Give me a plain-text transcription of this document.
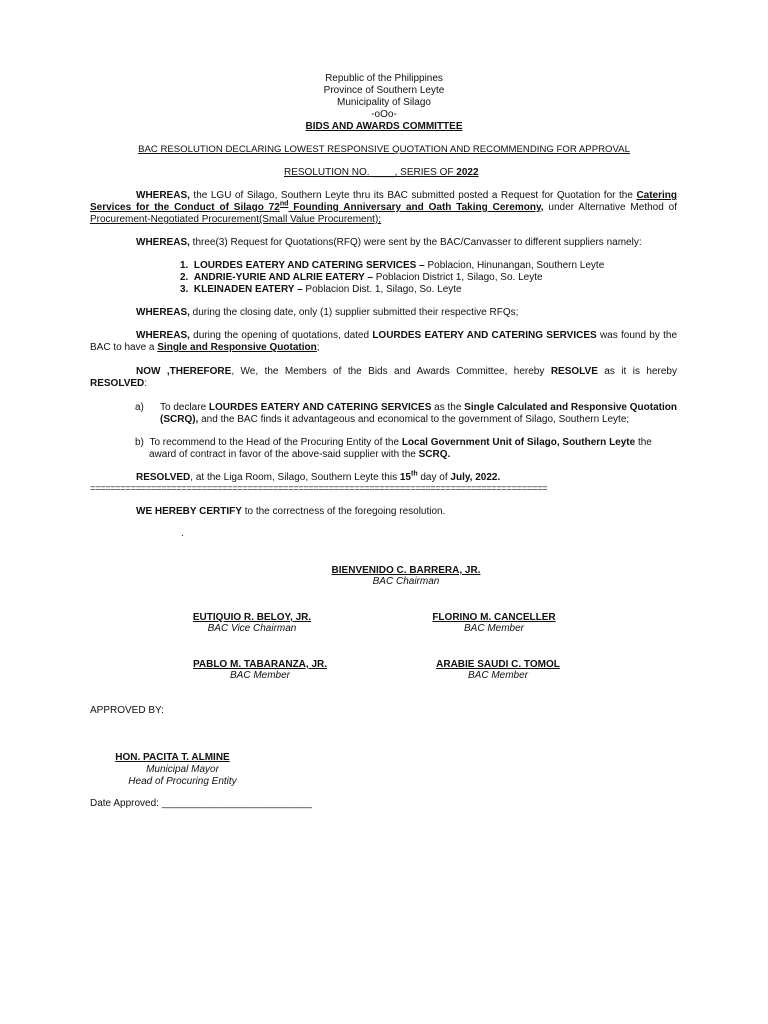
Republic of the Philippines
Province of Southern Leyte
Municipality of Silago
-oOo-
BIDS AND AWARDS COMMITTEE
BAC RESOLUTION DECLARING LOWEST RESPONSIVE QUOTATION AND RECOMMENDING FOR APPROVAL
RESOLUTION NO. ____, SERIES OF 2022
WHEREAS, the LGU of Silago, Southern Leyte thru its BAC submitted posted a Request for Quotation for the Catering Services for the Conduct of Silago 72nd Founding Anniversary and Oath Taking Ceremony, under Alternative Method of Procurement-Negotiated Procurement(Small Value Procurement);
WHEREAS, three(3) Request for Quotations(RFQ) were sent by the BAC/Canvasser to different suppliers namely:
1. LOURDES EATERY AND CATERING SERVICES – Poblacion, Hinunangan, Southern Leyte
2. ANDRIE-YURIE AND ALRIE EATERY – Poblacion District 1, Silago, So. Leyte
3. KLEINADEN EATERY – Poblacion Dist. 1, Silago, So. Leyte
WHEREAS, during the closing date, only (1) supplier submitted their respective RFQs;
WHEREAS, during the opening of quotations, dated LOURDES EATERY AND CATERING SERVICES was found by the BAC to have a Single and Responsive Quotation;
NOW ,THEREFORE, We, the Members of the Bids and Awards Committee, hereby RESOLVE as it is hereby RESOLVED:
a) To declare LOURDES EATERY AND CATERING SERVICES as the Single Calculated and Responsive Quotation
(SCRQ), and the BAC finds it advantageous and economical to the government of Silago, Southern Leyte;
b) To recommend to the Head of the Procuring Entity of the Local Government Unit of Silago, Southern Leyte the
award of contract in favor of the above-said supplier with the SCRQ.
RESOLVED, at the Liga Room, Silago, Southern Leyte this 15th day of July, 2022.
==========================================================================================
WE HEREBY CERTIFY to the correctness of the foregoing resolution.
.
BIENVENIDO C. BARRERA, JR.
BAC Chairman
EUTIQUIO R. BELOY, JR.
BAC Vice Chairman
FLORINO M. CANCELLER
BAC Member
PABLO M. TABARANZA, JR.
BAC Member
ARABIE SAUDI C. TOMOL
BAC Member
APPROVED BY:
HON. PACITA T. ALMINE
Municipal Mayor
Head of Procuring Entity
Date Approved: ___________________________
